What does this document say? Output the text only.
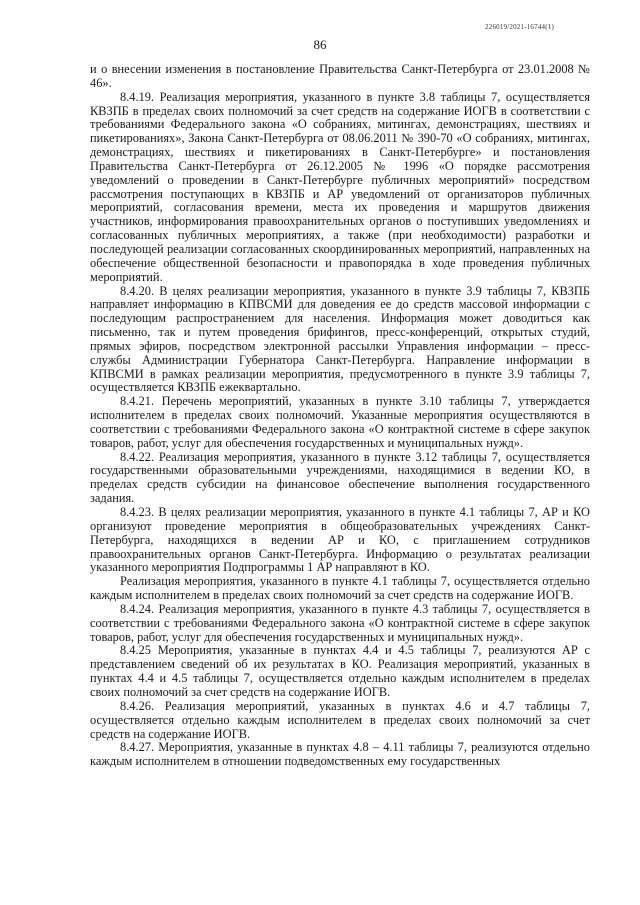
226019/2021-16744(1)
86

и о внесении изменения в постановление Правительства Санкт-Петербурга от 23.01.2008 № 46».

8.4.19. Реализация мероприятия, указанного в пункте 3.8 таблицы 7, осуществляется КВЗПБ в пределах своих полномочий за счет средств на содержание ИОГВ в соответствии с требованиями Федерального закона «О собраниях, митингах, демонстрациях, шествиях и пикетированиях», Закона Санкт-Петербурга от 08.06.2011 № 390-70 «О собраниях, митингах, демонстрациях, шествиях и пикетированиях в Санкт-Петербурге» и постановления Правительства Санкт-Петербурга от 26.12.2005 № 1996 «О порядке рассмотрения уведомлений о проведении в Санкт-Петербурге публичных мероприятий» посредством рассмотрения поступающих в КВЗПБ и АР уведомлений от организаторов публичных мероприятий, согласования времени, места их проведения и маршрутов движения участников, информирования правоохранительных органов о поступивших уведомлениях и согласованных публичных мероприятиях, а также (при необходимости) разработки и последующей реализации согласованных скоординированных мероприятий, направленных на обеспечение общественной безопасности и правопорядка в ходе проведения публичных мероприятий.

8.4.20. В целях реализации мероприятия, указанного в пункте 3.9 таблицы 7, КВЗПБ направляет информацию в КПВСМИ для доведения ее до средств массовой информации с последующим распространением для населения. Информация может доводиться как письменно, так и путем проведения брифингов, пресс-конференций, открытых студий, прямых эфиров, посредством электронной рассылки Управления информации – пресс-службы Администрации Губернатора Санкт-Петербурга. Направление информации в КПВСМИ в рамках реализации мероприятия, предусмотренного в пункте 3.9 таблицы 7, осуществляется КВЗПБ ежеквартально.

8.4.21. Перечень мероприятий, указанных в пункте 3.10 таблицы 7, утверждается исполнителем в пределах своих полномочий. Указанные мероприятия осуществляются в соответствии с требованиями Федерального закона «О контрактной системе в сфере закупок товаров, работ, услуг для обеспечения государственных и муниципальных нужд».

8.4.22. Реализация мероприятия, указанного в пункте 3.12 таблицы 7, осуществляется государственными образовательными учреждениями, находящимися в ведении КО, в пределах средств субсидии на финансовое обеспечение выполнения государственного задания.

8.4.23. В целях реализации мероприятия, указанного в пункте 4.1 таблицы 7, АР и КО организуют проведение мероприятия в общеобразовательных учреждениях Санкт-Петербурга, находящихся в ведении АР и КО, с приглашением сотрудников правоохранительных органов Санкт-Петербурга. Информацию о результатах реализации указанного мероприятия Подпрограммы 1 АР направляют в КО.

Реализация мероприятия, указанного в пункте 4.1 таблицы 7, осуществляется отдельно каждым исполнителем в пределах своих полномочий за счет средств на содержание ИОГВ.

8.4.24. Реализация мероприятия, указанного в пункте 4.3 таблицы 7, осуществляется в соответствии с требованиями Федерального закона «О контрактной системе в сфере закупок товаров, работ, услуг для обеспечения государственных и муниципальных нужд».

8.4.25 Мероприятия, указанные в пунктах 4.4 и 4.5 таблицы 7, реализуются АР с представлением сведений об их результатах в КО. Реализация мероприятий, указанных в пунктах 4.4 и 4.5 таблицы 7, осуществляется отдельно каждым исполнителем в пределах своих полномочий за счет средств на содержание ИОГВ.

8.4.26. Реализация мероприятий, указанных в пунктах 4.6 и 4.7 таблицы 7, осуществляется отдельно каждым исполнителем в пределах своих полномочий за счет средств на содержание ИОГВ.

8.4.27. Мероприятия, указанные в пунктах 4.8 – 4.11 таблицы 7, реализуются отдельно каждым исполнителем в отношении подведомственных ему государственных
